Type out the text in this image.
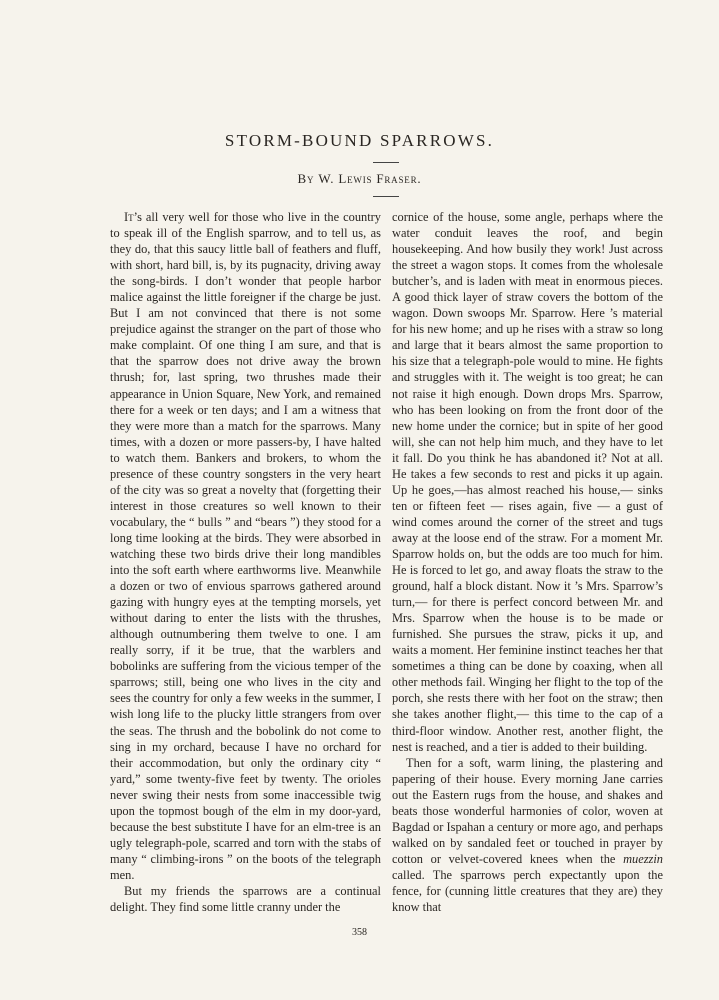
STORM-BOUND SPARROWS.
By W. Lewis Fraser.

It’s all very well for those who live in the country to speak ill of the English sparrow, and to tell us, as they do, that this saucy little ball of feathers and fluff, with short, hard bill, is, by its pugnacity, driving away the song-birds. I don’t wonder that people harbor malice against the little foreigner if the charge be just. But I am not convinced that there is not some prejudice against the stranger on the part of those who make complaint. Of one thing I am sure, and that is that the sparrow does not drive away the brown thrush; for, last spring, two thrushes made their appearance in Union Square, New York, and remained there for a week or ten days; and I am a witness that they were more than a match for the sparrows. Many times, with a dozen or more passers-by, I have halted to watch them. Bankers and brokers, to whom the presence of these country songsters in the very heart of the city was so great a novelty that (forgetting their interest in those creatures so well known to their vocabulary, the “ bulls ” and “bears ”) they stood for a long time looking at the birds. They were absorbed in watching these two birds drive their long mandibles into the soft earth where earthworms live. Meanwhile a dozen or two of envious sparrows gathered around gazing with hungry eyes at the tempting morsels, yet without daring to enter the lists with the thrushes, although outnumbering them twelve to one. I am really sorry, if it be true, that the warblers and bobolinks are suffering from the vicious temper of the sparrows; still, being one who lives in the city and sees the country for only a few weeks in the summer, I wish long life to the plucky little strangers from over the seas. The thrush and the bobolink do not come to sing in my orchard, because I have no orchard for their accommodation, but only the ordinary city “ yard,” some twenty-five feet by twenty. The orioles never swing their nests from some inaccessible twig upon the topmost bough of the elm in my door-yard, because the best substitute I have for an elm-tree is an ugly telegraph-pole, scarred and torn with the stabs of many “ climbing-irons ” on the boots of the telegraph men.

But my friends the sparrows are a continual delight. They find some little cranny under the

cornice of the house, some angle, perhaps where the water conduit leaves the roof, and begin housekeeping. And how busily they work! Just across the street a wagon stops. It comes from the wholesale butcher’s, and is laden with meat in enormous pieces. A good thick layer of straw covers the bottom of the wagon. Down swoops Mr. Sparrow. Here ’s material for his new home; and up he rises with a straw so long and large that it bears almost the same proportion to his size that a telegraph-pole would to mine. He fights and struggles with it. The weight is too great; he can not raise it high enough. Down drops Mrs. Sparrow, who has been looking on from the front door of the new home under the cornice; but in spite of her good will, she can not help him much, and they have to let it fall. Do you think he has abandoned it? Not at all. He takes a few seconds to rest and picks it up again. Up he goes,—has almost reached his house,— sinks ten or fifteen feet — rises again, five — a gust of wind comes around the corner of the street and tugs away at the loose end of the straw. For a moment Mr. Sparrow holds on, but the odds are too much for him. He is forced to let go, and away floats the straw to the ground, half a block distant. Now it ’s Mrs. Sparrow’s turn,— for there is perfect concord between Mr. and Mrs. Sparrow when the house is to be made or furnished. She pursues the straw, picks it up, and waits a moment. Her feminine instinct teaches her that sometimes a thing can be done by coaxing, when all other methods fail. Winging her flight to the top of the porch, she rests there with her foot on the straw; then she takes another flight,— this time to the cap of a third-floor window. Another rest, another flight, the nest is reached, and a tier is added to their building.

Then for a soft, warm lining, the plastering and papering of their house. Every morning Jane carries out the Eastern rugs from the house, and shakes and beats those wonderful harmonies of color, woven at Bagdad or Ispahan a century or more ago, and perhaps walked on by sandaled feet or touched in prayer by cotton or velvet-covered knees when the muezzin called. The sparrows perch expectantly upon the fence, for (cunning little creatures that they are) they know that

358
